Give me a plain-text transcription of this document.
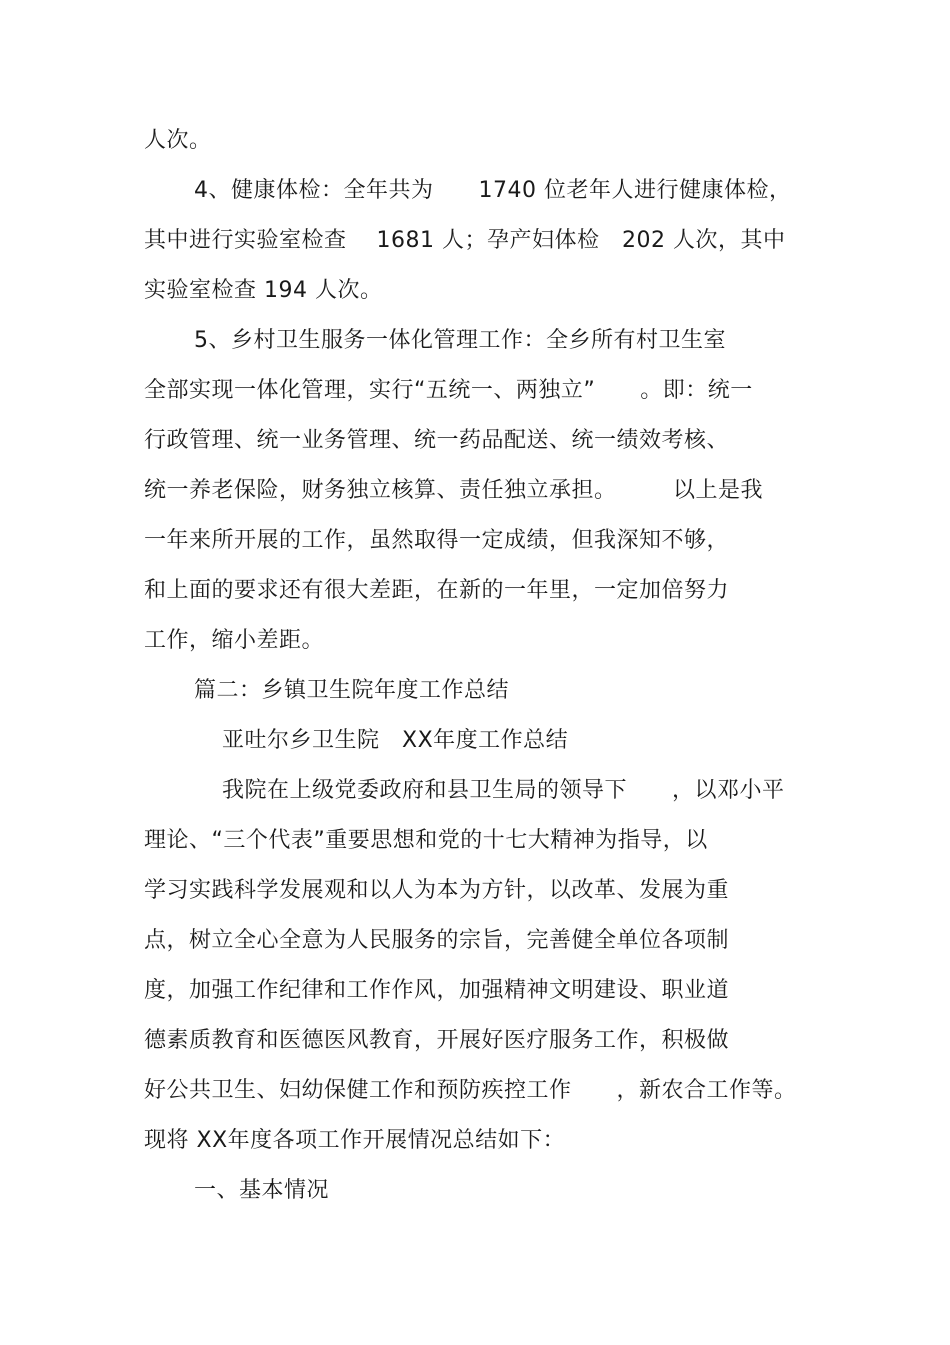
人次。
4、健康体检：全年共为　　1740 位老年人进行健康体检，
其中进行实验室检查　 1681 人；孕产妇体检　202 人次，其中
实验室检查 194 人次。
5、乡村卫生服务一体化管理工作：全乡所有村卫生室
全部实现一体化管理，实行“五统一、两独立”　　。即：统一
行政管理、统一业务管理、统一药品配送、统一绩效考核、
统一养老保险，财务独立核算、责任独立承担。　　　以上是我
一年来所开展的工作，虽然取得一定成绩，但我深知不够，
和上面的要求还有很大差距，在新的一年里，一定加倍努力
工作，缩小差距。
篇二：乡镇卫生院年度工作总结
亚吐尔乡卫生院　XX年度工作总结
我院在上级党委政府和县卫生局的领导下　　，以邓小平
理论、“三个代表”重要思想和党的十七大精神为指导，以
学习实践科学发展观和以人为本为方针，以改革、发展为重
点，树立全心全意为人民服务的宗旨，完善健全单位各项制
度，加强工作纪律和工作作风，加强精神文明建设、职业道
德素质教育和医德医风教育，开展好医疗服务工作，积极做
好公共卫生、妇幼保健工作和预防疾控工作　　，新农合工作等。
现将 XX年度各项工作开展情况总结如下：
一、基本情况
